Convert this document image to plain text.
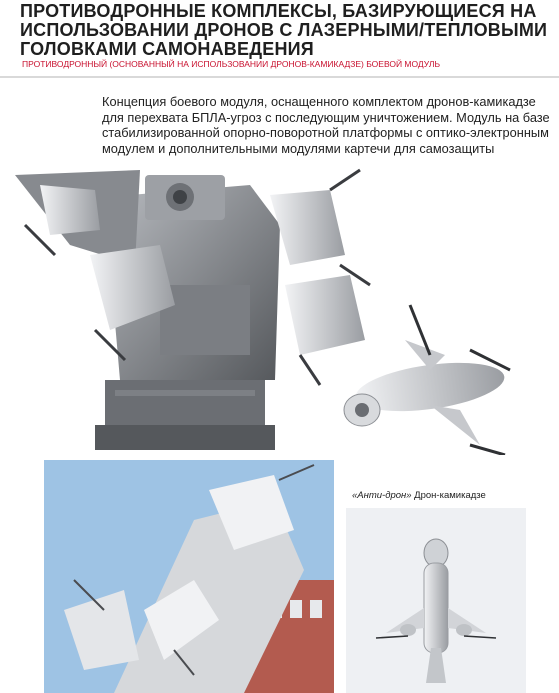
ПРОТИВОДРОННЫЕ КОМПЛЕКСЫ, БАЗИРУЮЩИЕСЯ НА
ИСПОЛЬЗОВАНИИ ДРОНОВ С ЛАЗЕРНЫМИ/ТЕПЛОВЫМИ
ГОЛОВКАМИ САМОНАВЕДЕНИЯ
ПРОТИВОДРОННЫЙ (ОСНОВАННЫЙ НА ИСПОЛЬЗОВАНИИ ДРОНОВ-КАМИКАДЗЕ) БОЕВОЙ МОДУЛЬ
Концепция боевого модуля, оснащенного комплектом дронов-камикадзе
для перехвата БПЛА-угроз с последующим уничтожением. Модуль на базе
стабилизированной опорно-поворотной платформы с оптико-электронным
модулем и дополнительными модулями картечи для самозащиты
«Анти-дрон» Дрон-камикадзе
